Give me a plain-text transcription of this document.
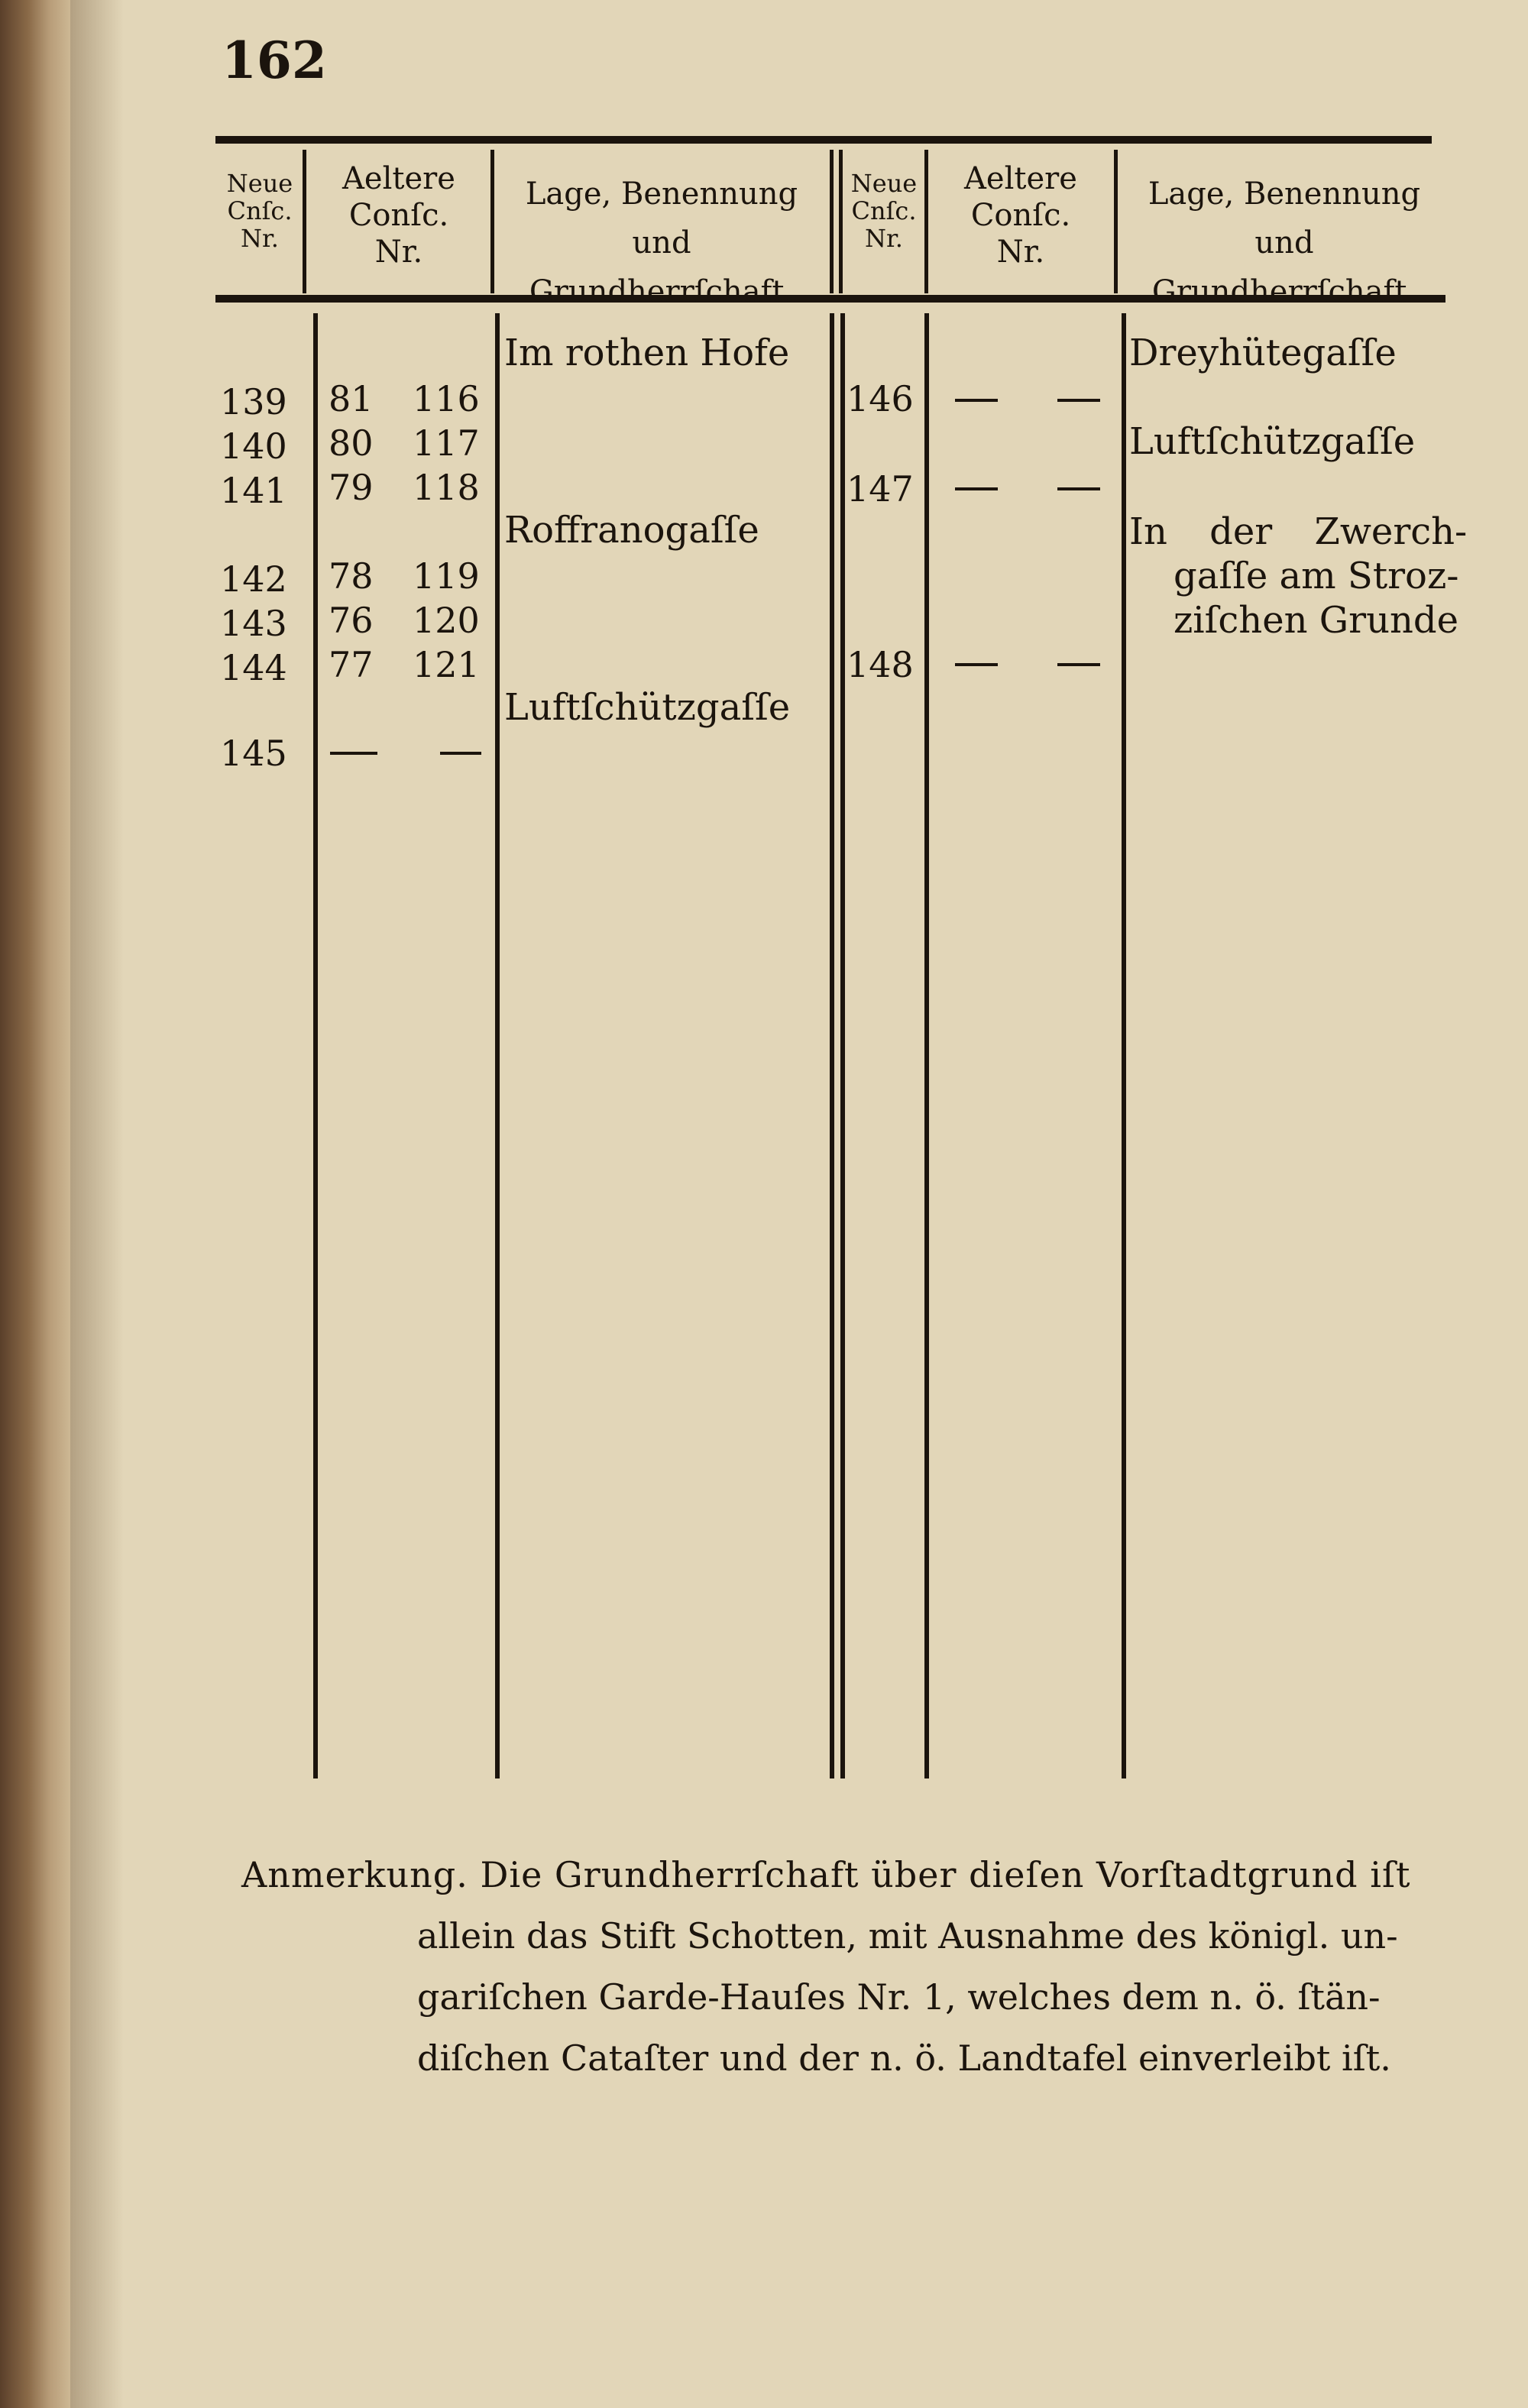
162
Neue
Cnſc.
Nr.
Aeltere
Conſc.
Nr.
Lage, Benennung und
Grundherrſchaft.
Neue
Cnſc.
Nr.
Aeltere
Conſc.
Nr.
Lage, Benennung und
Grundherrſchaft.
Im rothen Hofe
139 81 116
140 80 117
141 79 118
Roffranogaſſe
142 78 119
143 76 120
144 77 121
Luftſchützgaſſe
145
Dreyhütegaſſe
146
Luftſchützgaſſe
147
In der Zwerch-
gaſſe am Stroz-
ziſchen Grunde
148
Anmerkung. Die Grundherrſchaft über dieſen Vorſtadtgrund iſt
allein das Stift Schotten, mit Ausnahme des königl. un-
gariſchen Garde-Hauſes Nr. 1, welches dem n. ö. ſtän-
diſchen Cataſter und der n. ö. Landtafel einverleibt iſt.
